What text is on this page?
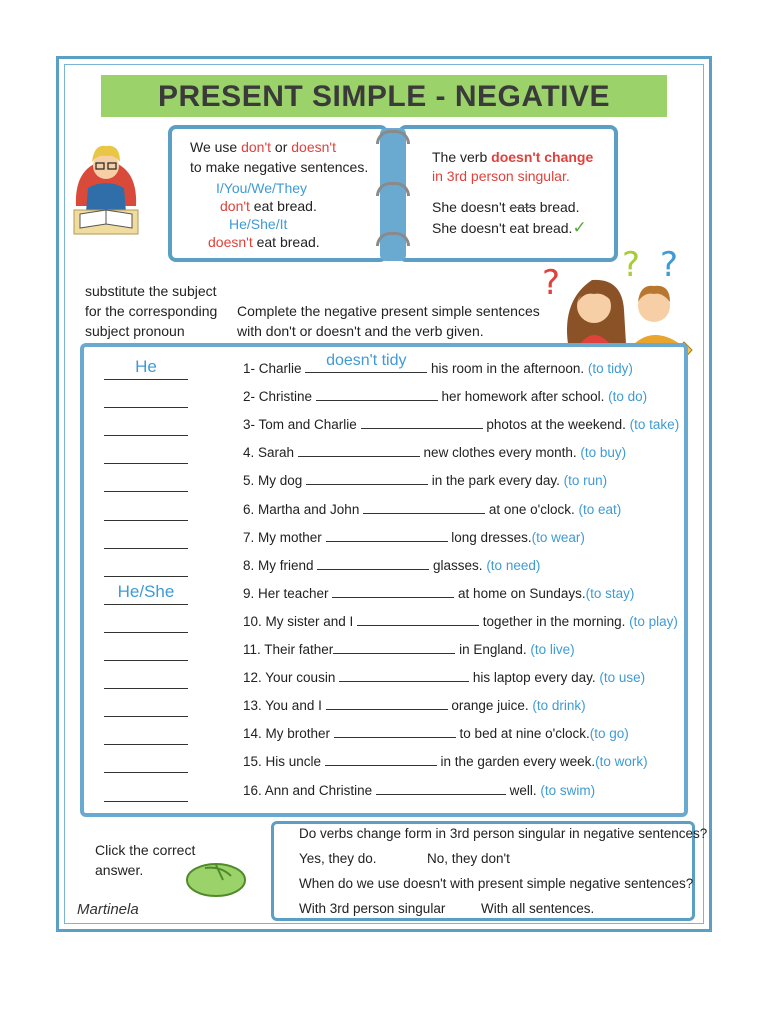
PRESENT SIMPLE - NEGATIVE
We use don't or doesn't
to make negative sentences.
I/You/We/They
don't eat bread.
He/She/It
doesn't eat bread.
The verb doesn't change
in 3rd person singular.
She doesn't eats bread.
She doesn't eat bread.✓
? ? ?
substitute the subject
for the corresponding
subject pronoun
Complete the negative present simple sentences
with don't or doesn't and the verb given.
He	1- Charlie	doesn't tidy	his room in the afternoon. (to tidy)
2- Christine	her homework after school. (to do)
3- Tom and Charlie	photos at the weekend. (to take)
4. Sarah	new clothes every month. (to buy)
5. My dog	in the park every day. (to run)
6. Martha and John	at one o'clock. (to eat)
7. My mother	long dresses.(to wear)
8. My friend	glasses. (to need)
He/She	9. Her teacher	at home on Sundays.(to stay)
10. My sister and I	together in the morning. (to play)
11. Their father	in England. (to live)
12. Your cousin	his laptop every day. (to use)
13. You and I	orange juice. (to drink)
14. My brother	to bed at nine o'clock.(to go)
15. His uncle	in the garden every week.(to work)
16. Ann and Christine	well. (to swim)
Click the correct
answer.
Martinela
Do verbs change form in 3rd person singular in negative sentences?
Yes, they do.	No, they don't
When do we use doesn't with present simple negative sentences?
With 3rd person singular	With all sentences.
